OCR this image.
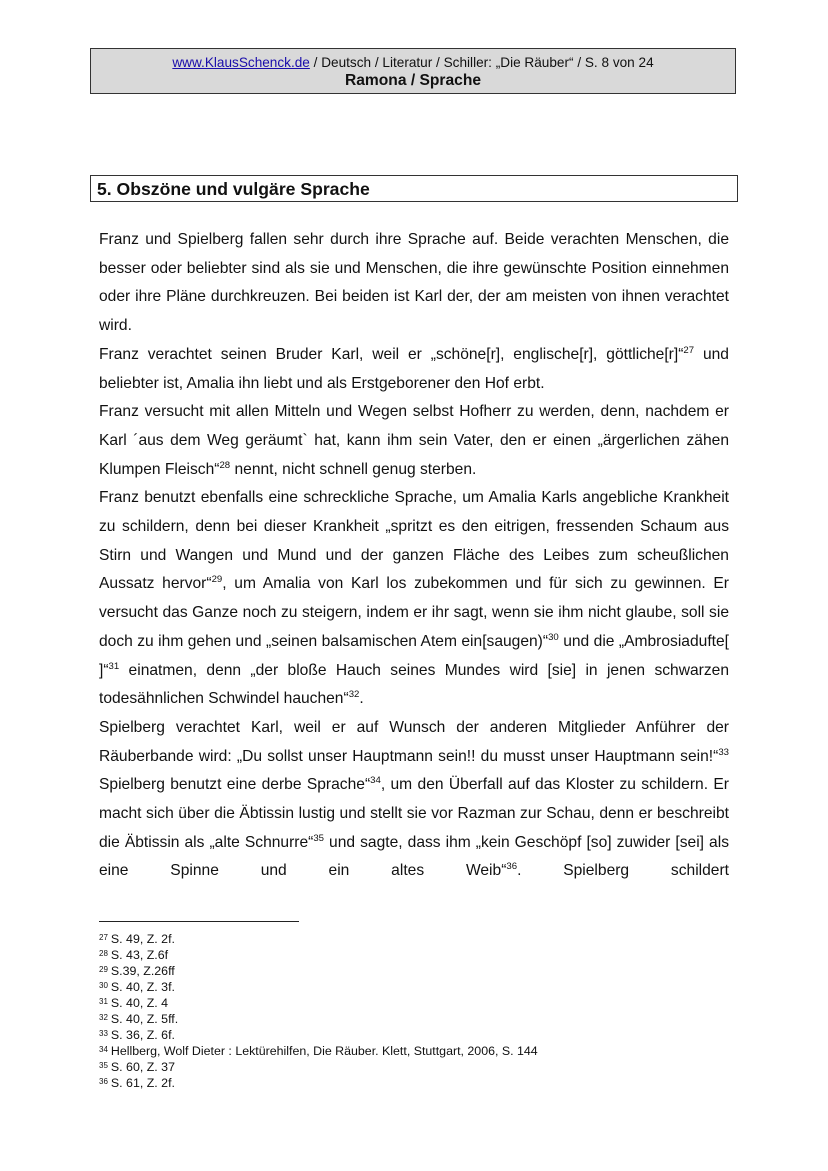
www.KlausSchenck.de / Deutsch / Literatur / Schiller: „Die Räuber“ / S. 8 von 24
Ramona / Sprache
5. Obszöne und vulgäre Sprache

Franz und Spielberg fallen sehr durch ihre Sprache auf. Beide verachten Menschen, die besser oder beliebter sind als sie und Menschen, die ihre gewünschte Position einnehmen oder ihre Pläne durchkreuzen. Bei beiden ist Karl der, der am meisten von ihnen verachtet wird.

Franz verachtet seinen Bruder Karl, weil er „schöne[r], englische[r], göttliche[r]“$^{27}$ und beliebter ist, Amalia ihn liebt und als Erstgeborener den Hof erbt.

Franz versucht mit allen Mitteln und Wegen selbst Hofherr zu werden, denn, nachdem er Karl ´aus dem Weg geräumt` hat, kann ihm sein Vater, den er einen „ärgerlichen zähen Klumpen Fleisch“$^{28}$ nennt, nicht schnell genug sterben.

Franz benutzt ebenfalls eine schreckliche Sprache, um Amalia Karls angebliche Krankheit zu schildern, denn bei dieser Krankheit „spritzt es den eitrigen, fressenden Schaum aus Stirn und Wangen und Mund und der ganzen Fläche des Leibes zum scheußlichen Aussatz hervor“$^{29}$, um Amalia von Karl los zubekommen und für sich zu gewinnen. Er versucht das Ganze noch zu steigern, indem er ihr sagt, wenn sie ihm nicht glaube, soll sie doch zu ihm gehen und „seinen balsamischen Atem ein[saugen)“$^{30}$ und die „Ambrosiadufte[ ]“$^{31}$ einatmen, denn „der bloße Hauch seines Mundes wird [sie] in jenen schwarzen todesähnlichen Schwindel hauchen“$^{32}$.

Spielberg verachtet Karl, weil er auf Wunsch der anderen Mitglieder Anführer der Räuberbande wird: „Du sollst unser Hauptmann sein!! du musst unser Hauptmann sein!“$^{33}$ Spielberg benutzt eine derbe Sprache“$^{34}$, um den Überfall auf das Kloster zu schildern. Er macht sich über die Äbtissin lustig und stellt sie vor Razman zur Schau, denn er beschreibt die Äbtissin als „alte Schnurre“$^{35}$ und sagte, dass ihm „kein Geschöpf [so] zuwider [sei] als eine Spinne und ein altes Weib“$^{36}$. Spielberg schildert

$^{27}$ S. 49, Z. 2f.
$^{28}$ S. 43, Z.6f
$^{29}$ S.39, Z.26ff
$^{30}$ S. 40, Z. 3f.
$^{31}$ S. 40, Z. 4
$^{32}$ S. 40, Z. 5ff.
$^{33}$ S. 36, Z. 6f.
$^{34}$ Hellberg, Wolf Dieter : Lektürehilfen, Die Räuber. Klett, Stuttgart, 2006, S. 144
$^{35}$ S. 60, Z. 37
$^{36}$ S. 61, Z. 2f.
